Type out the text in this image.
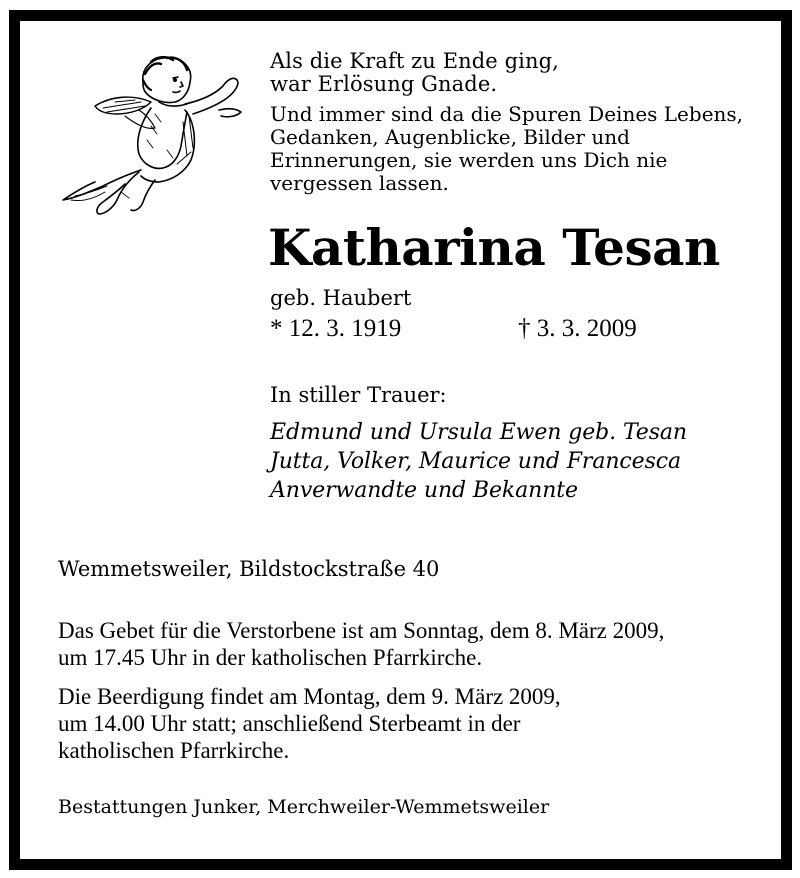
Als die Kraft zu Ende ging,
war Erlösung Gnade.
Und immer sind da die Spuren Deines Lebens,
Gedanken, Augenblicke, Bilder und
Erinnerungen, sie werden uns Dich nie
vergessen lassen.
Katharina Tesan
geb. Haubert
* 12. 3. 1919	† 3. 3. 2009
In stiller Trauer:
Edmund und Ursula Ewen geb. Tesan
Jutta, Volker, Maurice und Francesca
Anverwandte und Bekannte
Wemmetsweiler, Bildstockstraße 40
Das Gebet für die Verstorbene ist am Sonntag, dem 8. März 2009,
um 17.45 Uhr in der katholischen Pfarrkirche.
Die Beerdigung findet am Montag, dem 9. März 2009,
um 14.00 Uhr statt; anschließend Sterbeamt in der
katholischen Pfarrkirche.
Bestattungen Junker, Merchweiler-Wemmetsweiler
